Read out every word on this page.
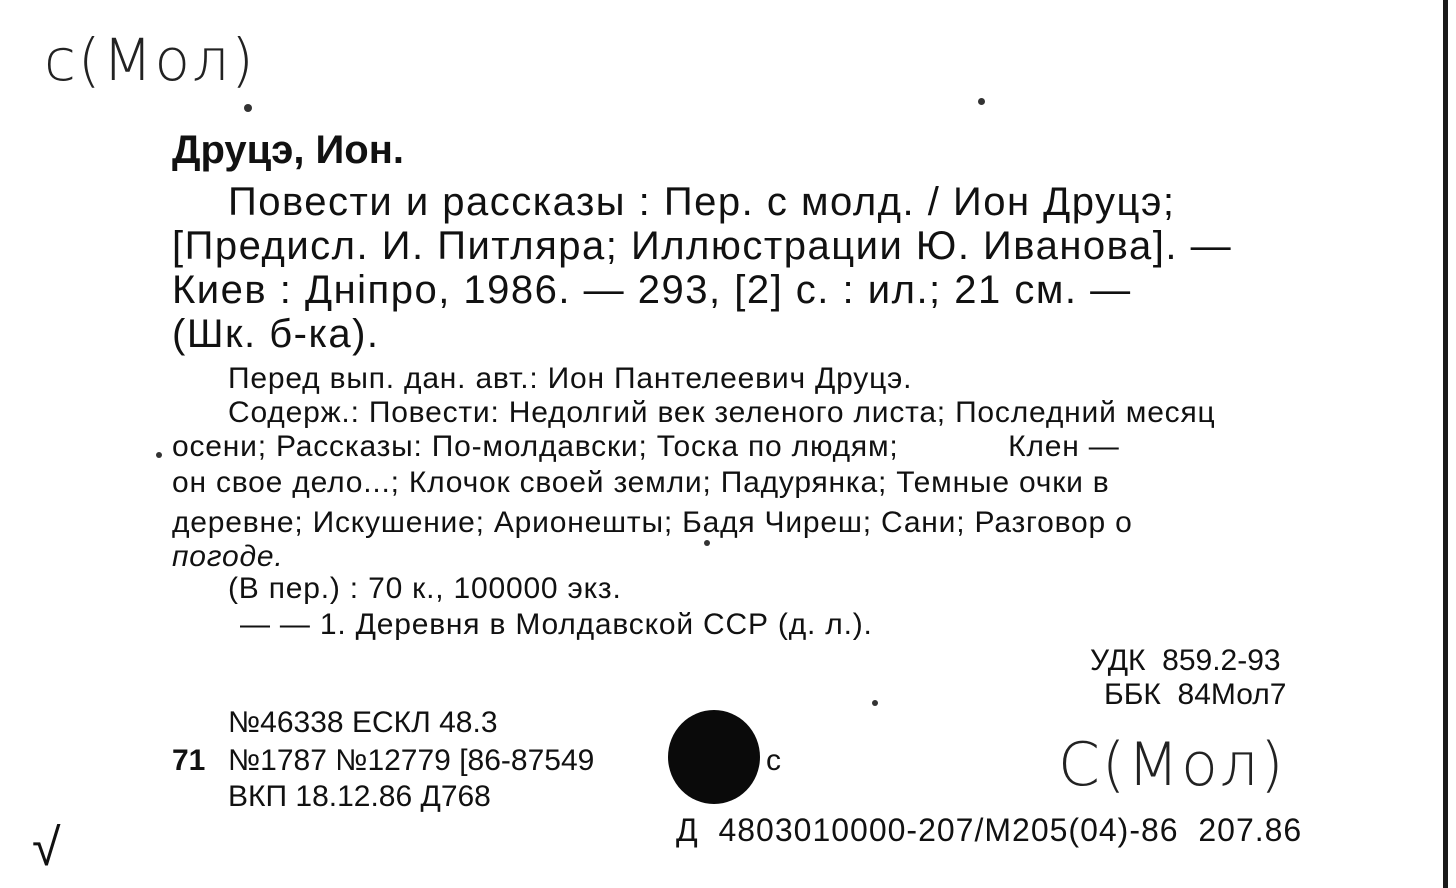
c(Мол)
Друцэ, Ион.
Повести и рассказы : Пер. с молд. / Ион Друцэ;
[Предисл. И. Питляра; Иллюстрации Ю. Иванова]. —
Киев : Дніпро, 1986. — 293, [2] с. : ил.; 21 см. —
(Шк. б-ка).
Перед вып. дан. авт.: Ион Пантелеевич Друцэ.
Содерж.: Повести: Недолгий век зеленого листа; Последний месяц
осени; Рассказы: По-молдавски; Тоска по людям;            Клен —
он свое дело...; Клочок своей земли; Падурянка; Темные очки в
деревне; Искушение; Арионешты; Бадя Чиреш; Сани; Разговор о
погоде.
(В пер.) : 70 к., 100000 экз.
— — 1. Деревня в Молдавской ССР (д. л.).
УДК  859.2-93
ББК  84Мол7
№46338 ЕСКЛ 48.3
71 №1787 №12779 [86-87549	с
ВКП 18.12.86 Д768
Д  4803010000-207/М205(04)-86  207.86
С(Мол)
√
